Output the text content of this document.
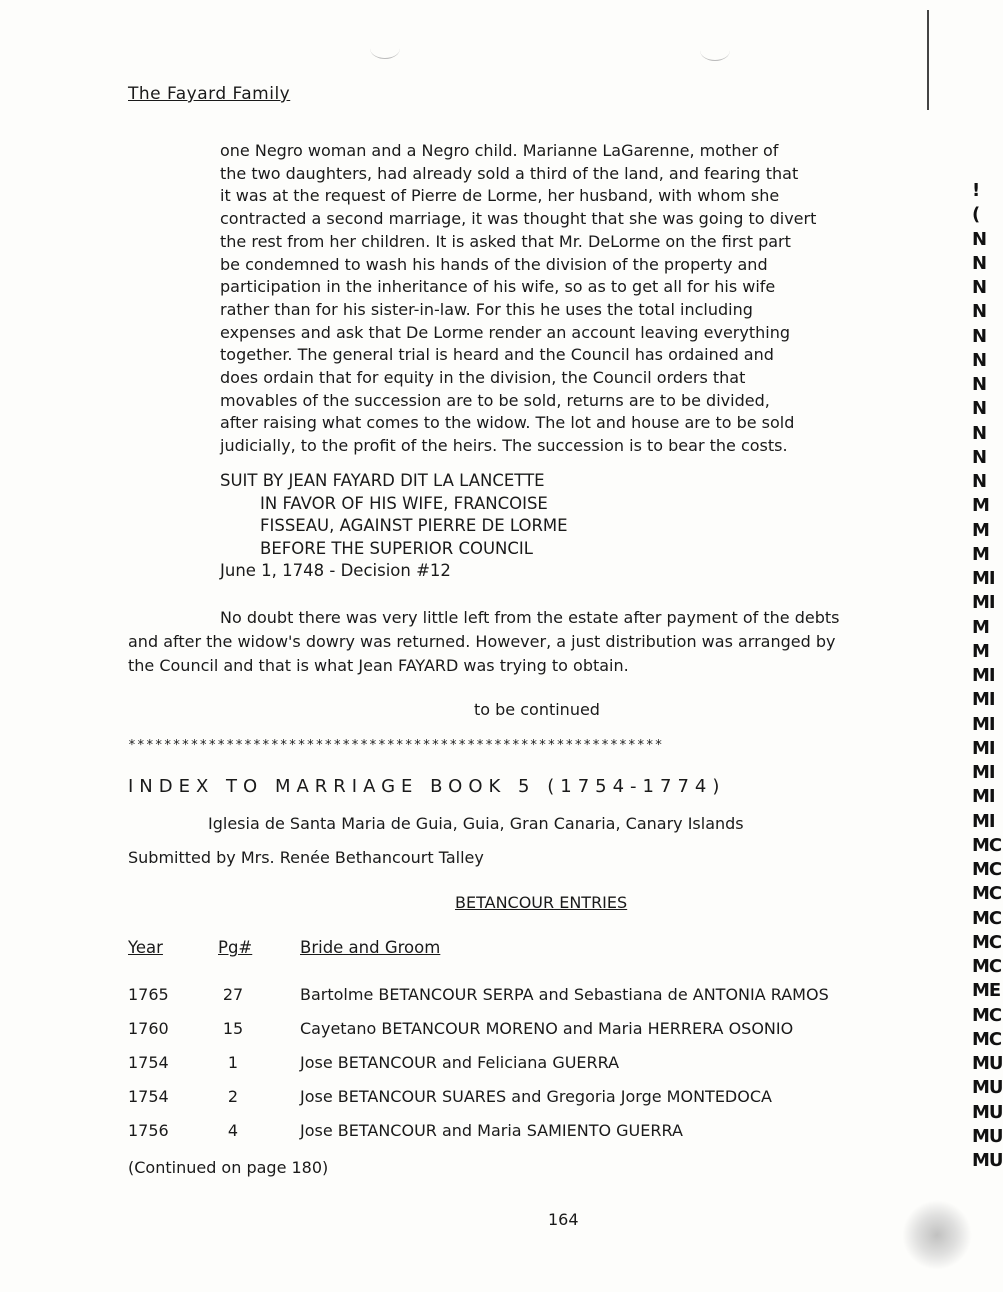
The Fayard Family
one Negro woman and a Negro child. Marianne LaGarenne, mother of
the two daughters, had already sold a third of the land, and fearing that
it was at the request of Pierre de Lorme, her husband, with whom she
contracted a second marriage, it was thought that she was going to divert
the rest from her children. It is asked that Mr. DeLorme on the first part
be condemned to wash his hands of the division of the property and
participation in the inheritance of his wife, so as to get all for his wife
rather than for his sister-in-law. For this he uses the total including
expenses and ask that De Lorme render an account leaving everything
together. The general trial is heard and the Council has ordained and
does ordain that for equity in the division, the Council orders that
movables of the succession are to be sold, returns are to be divided,
after raising what comes to the widow. The lot and house are to be sold
judicially, to the profit of the heirs. The succession is to bear the costs.
SUIT BY JEAN FAYARD DIT LA LANCETTE
IN FAVOR OF HIS WIFE, FRANCOISE
FISSEAU, AGAINST PIERRE DE LORME
BEFORE THE SUPERIOR COUNCIL
June 1, 1748 - Decision #12
No doubt there was very little left from the estate after payment of the debts
and after the widow's dowry was returned. However, a just distribution was arranged by
the Council and that is what Jean FAYARD was trying to obtain.
to be continued
************************************************************
INDEX TO MARRIAGE BOOK 5 (1754-1774)
Iglesia de Santa Maria de Guia, Guia, Gran Canaria, Canary Islands
Submitted by Mrs. Renée Bethancourt Talley
BETANCOUR ENTRIES
Year	Pg#	Bride and Groom
1765	27	Bartolme BETANCOUR SERPA and Sebastiana de ANTONIA RAMOS
1760	15	Cayetano BETANCOUR MORENO and Maria HERRERA OSONIO
1754	1	Jose BETANCOUR and Feliciana GUERRA
1754	2	Jose BETANCOUR SUARES and Gregoria Jorge MONTEDOCA
1756	4	Jose BETANCOUR and Maria SAMIENTO GUERRA
(Continued on page 180)
164
!
(
N
N
N
N
N
N
N
N
N
N
N
M
M
M
MI
MI
M
M
MI
MI
MI
MI
MI
MI
MI
MC
MC
MC
MC
MC
MC
ME
MC
MC
MU
MU
MU
MU
MU
